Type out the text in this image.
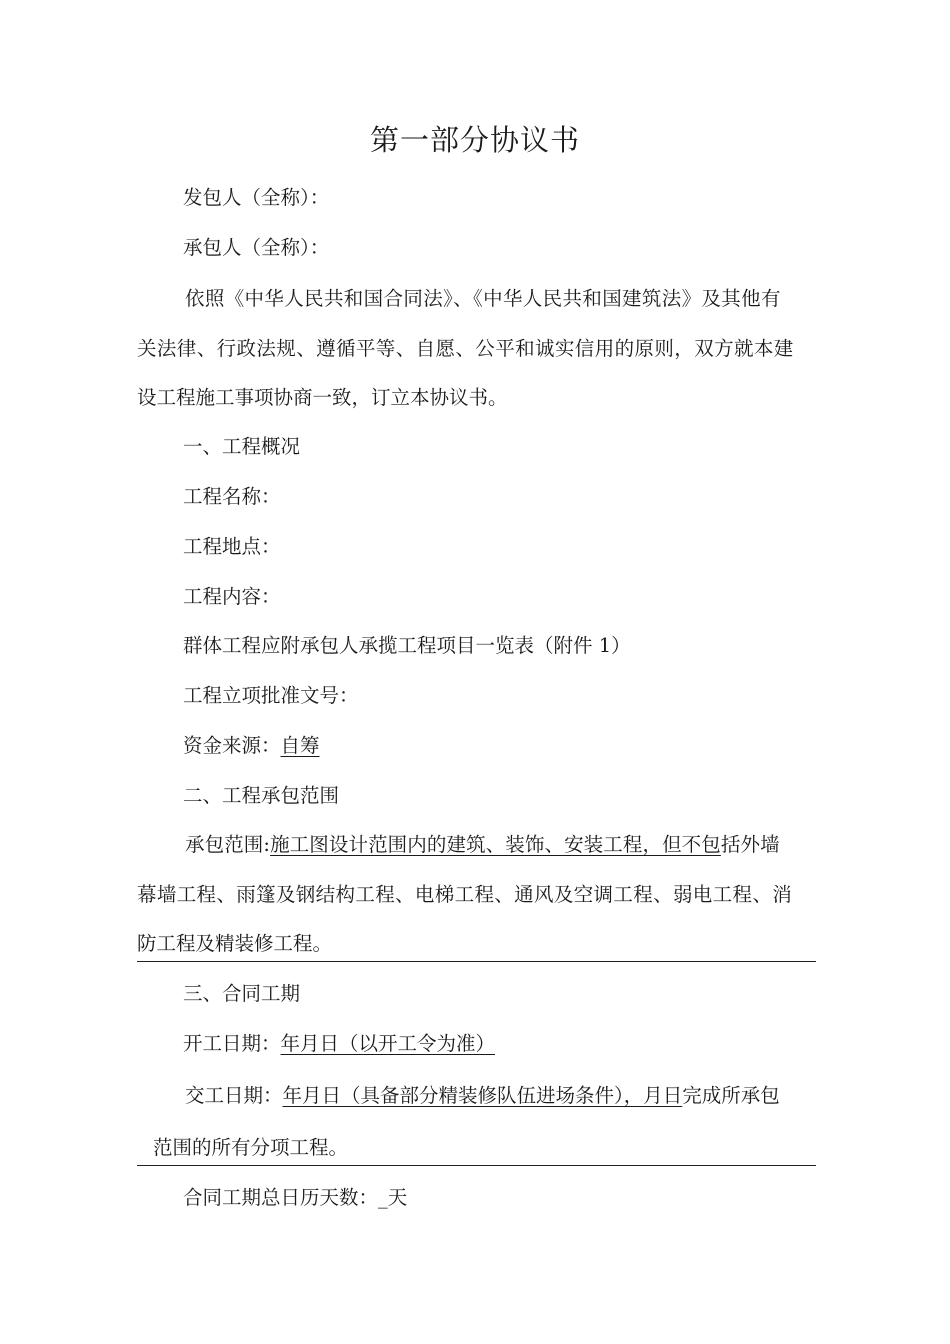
第一部分协议书
发包人（全称）：
承包人（全称）：
依照《中华人民共和国合同法》、《中华人民共和国建筑法》及其他有
关法律、行政法规、遵循平等、自愿、公平和诚实信用的原则，双方就本建
设工程施工事项协商一致，订立本协议书。
一、工程概况
工程名称：
工程地点：
工程内容：
群体工程应附承包人承揽工程项目一览表（附件 1）
工程立项批准文号：
资金来源：自筹
二、工程承包范围
承包范围:施工图设计范围内的建筑、装饰、安装工程，但不包括外墙
幕墙工程、雨篷及钢结构工程、电梯工程、通风及空调工程、弱电工程、消
防工程及精装修工程。
三、合同工期
开工日期：年月日（以开工令为准）
交工日期：年月日（具备部分精装修队伍进场条件），月日完成所承包
范围的所有分项工程。
合同工期总日历天数：_天
